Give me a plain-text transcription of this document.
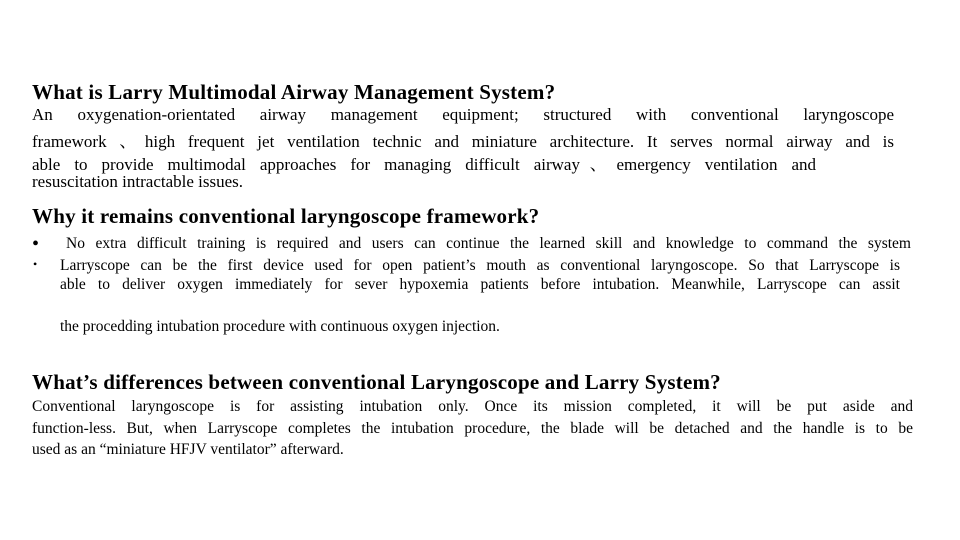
What is Larry Multimodal Airway Management System?
An oxygenation-orientated airway management equipment; structured with conventional laryngoscope
framework 、high frequent jet ventilation technic and miniature architecture. It serves normal airway and is
able to provide multimodal approaches for managing difficult airway、emergency ventilation and
resuscitation intractable issues.
Why it remains conventional laryngoscope framework?
• No extra difficult training is required and users can continue the learned skill and knowledge to command the system
• Larryscope can be the first device used for open patient’s mouth as conventional laryngoscope. So that Larryscope is
able to deliver oxygen immediately for sever hypoxemia patients before intubation. Meanwhile, Larryscope can assit
the procedding intubation procedure with continuous oxygen injection.
What’s differences between conventional Laryngoscope and Larry System?
Conventional laryngoscope is for assisting intubation only. Once its mission completed, it will be put aside and
function-less. But, when Larryscope completes the intubation procedure, the blade will be detached and the handle is to be
used as an “miniature HFJV ventilator” afterward.
